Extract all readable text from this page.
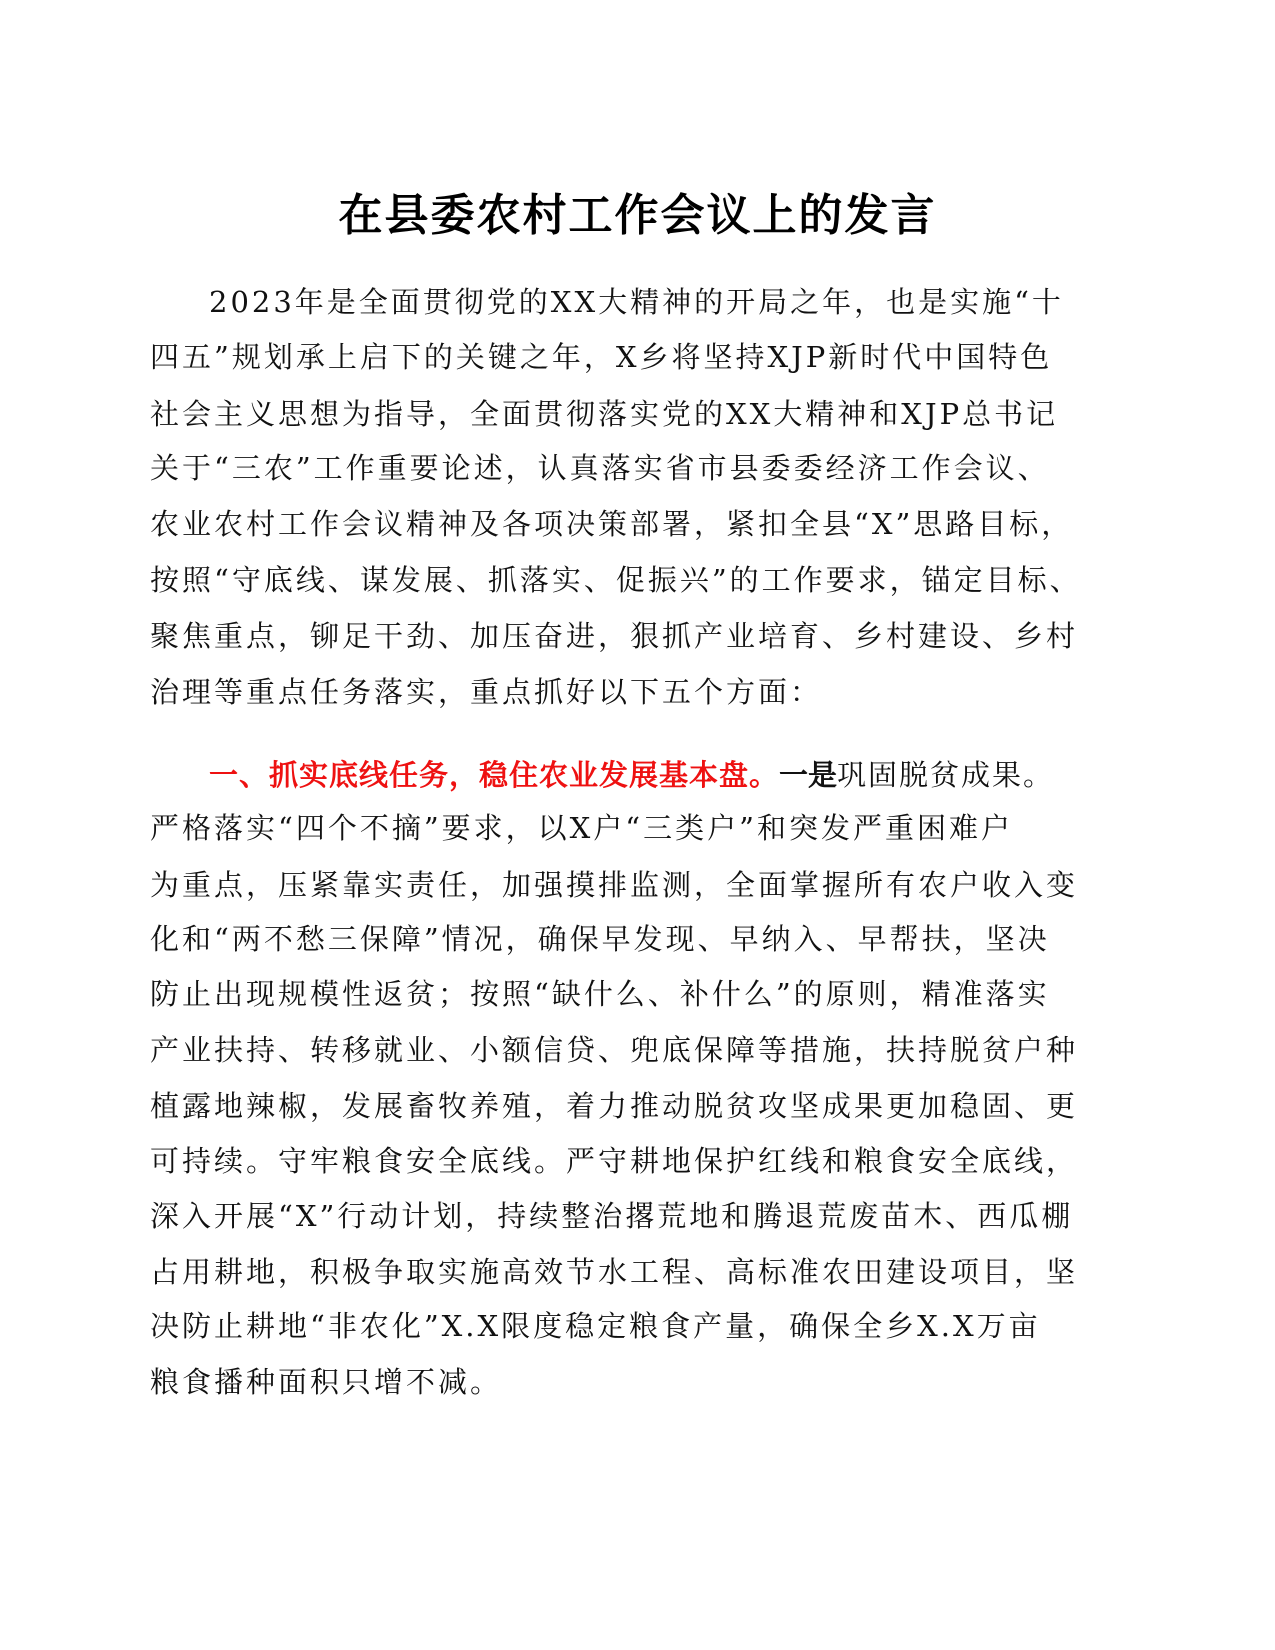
在县委农村工作会议上的发言
2023年是全面贯彻党的XX大精神的开局之年，也是实施“十
四五”规划承上启下的关键之年，X乡将坚持XJP新时代中国特色
社会主义思想为指导，全面贯彻落实党的XX大精神和XJP总书记
关于“三农”工作重要论述，认真落实省市县委委经济工作会议、
农业农村工作会议精神及各项决策部署，紧扣全县“X”思路目标，
按照“守底线、谋发展、抓落实、促振兴”的工作要求，锚定目标、
聚焦重点，铆足干劲、加压奋进，狠抓产业培育、乡村建设、乡村
治理等重点任务落实，重点抓好以下五个方面：
一、抓实底线任务，稳住农业发展基本盘。一是巩固脱贫成果。
严格落实“四个不摘”要求，以X户“三类户”和突发严重困难户
为重点，压紧靠实责任，加强摸排监测，全面掌握所有农户收入变
化和“两不愁三保障”情况，确保早发现、早纳入、早帮扶，坚决
防止出现规模性返贫；按照“缺什么、补什么”的原则，精准落实
产业扶持、转移就业、小额信贷、兜底保障等措施，扶持脱贫户种
植露地辣椒，发展畜牧养殖，着力推动脱贫攻坚成果更加稳固、更
可持续。守牢粮食安全底线。严守耕地保护红线和粮食安全底线，
深入开展“X”行动计划，持续整治撂荒地和腾退荒废苗木、西瓜棚
占用耕地，积极争取实施高效节水工程、高标准农田建设项目，坚
决防止耕地“非农化”X.X限度稳定粮食产量，确保全乡X.X万亩
粮食播种面积只增不减。
